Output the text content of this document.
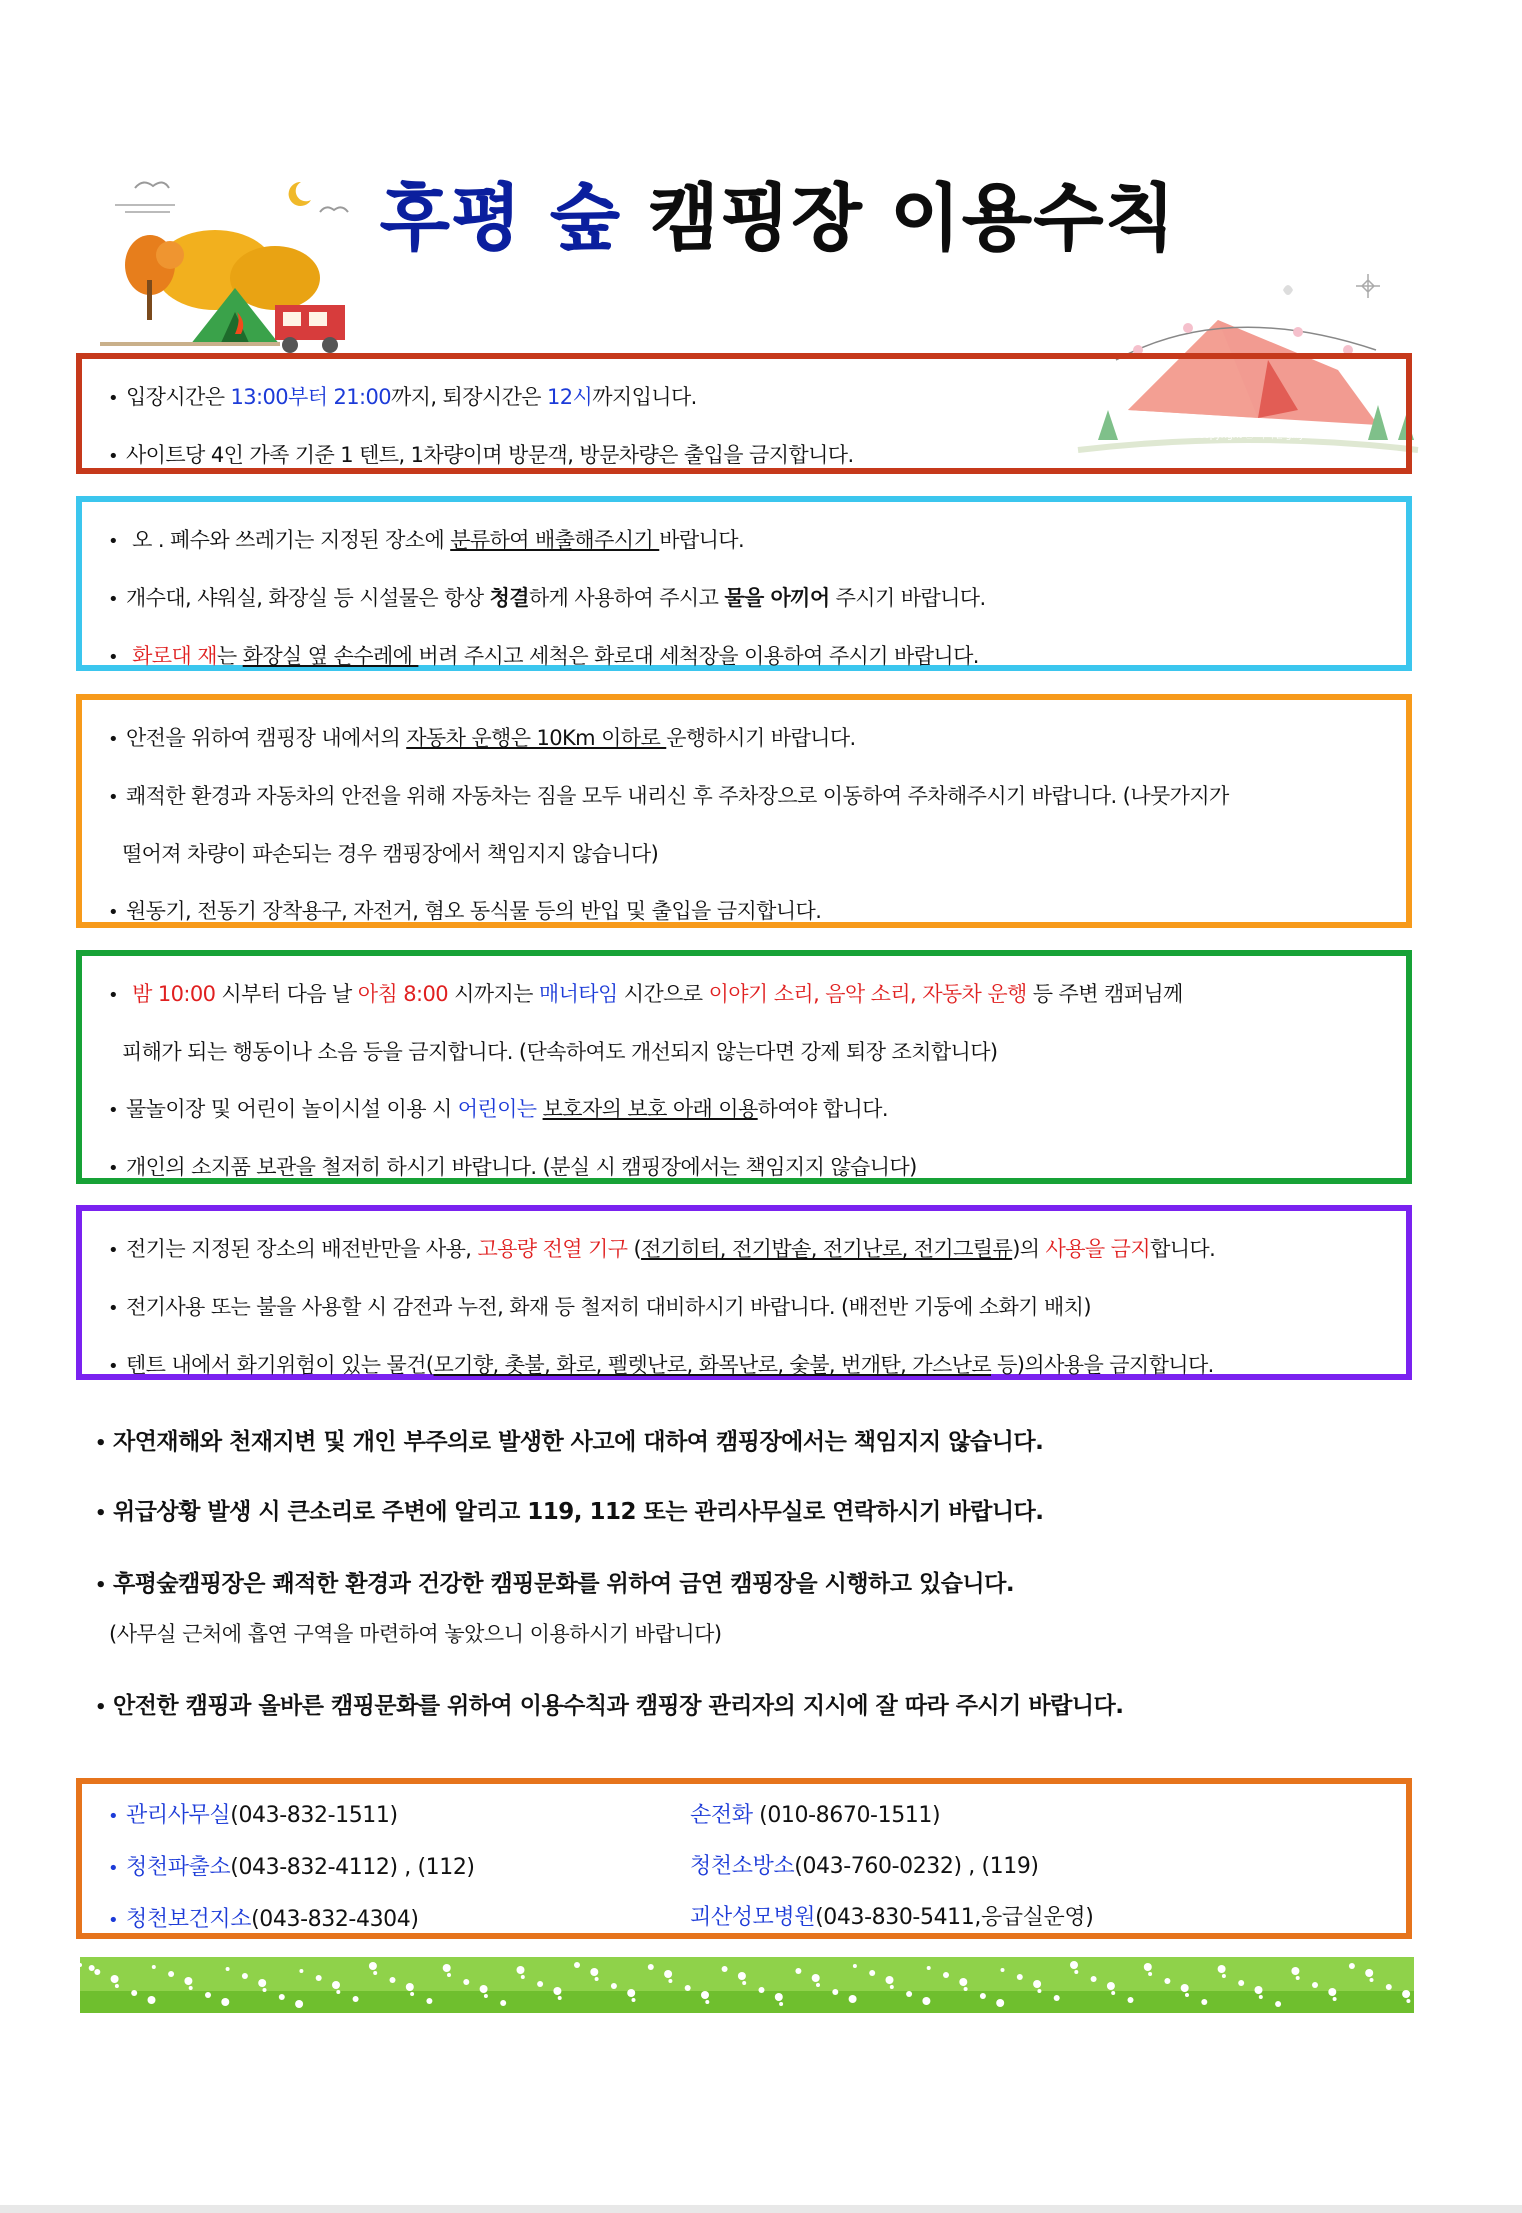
후평 숲 캠핑장 이용수칙
Copyright ⓒ 디지털 gillyun

• 입장시간은 13:00부터 21:00까지, 퇴장시간은 12시까지입니다.

• 사이트당 4인 가족 기준 1 텐트, 1차량이며 방문객, 방문차량은 출입을 금지합니다.

• 오 . 폐수와 쓰레기는 지정된 장소에 분류하여 배출해주시기 바랍니다.

• 개수대, 샤워실, 화장실 등 시설물은 항상 청결하게 사용하여 주시고 물을 아끼어 주시기 바랍니다.

• 화로대 재는 화장실 옆 손수레에 버려 주시고 세척은 화로대 세척장을 이용하여 주시기 바랍니다.

• 안전을 위하여 캠핑장 내에서의 자동차 운행은 10Km 이하로 운행하시기 바랍니다.

• 쾌적한 환경과 자동차의 안전을 위해 자동차는 짐을 모두 내리신 후 주차장으로 이동하여 주차해주시기 바랍니다. (나뭇가지가

떨어져 차량이 파손되는 경우 캠핑장에서 책임지지 않습니다)

• 원동기, 전동기 장착용구, 자전거, 혐오 동식물 등의 반입 및 출입을 금지합니다.

• 밤 10:00 시부터 다음 날 아침 8:00 시까지는 매너타임 시간으로 이야기 소리, 음악 소리, 자동차 운행 등 주변 캠퍼님께

피해가 되는 행동이나 소음 등을 금지합니다. (단속하여도 개선되지 않는다면 강제 퇴장 조치합니다)

• 물놀이장 및 어린이 놀이시설 이용 시 어린이는 보호자의 보호 아래 이용하여야 합니다.

• 개인의 소지품 보관을 철저히 하시기 바랍니다. (분실 시 캠핑장에서는 책임지지 않습니다)

• 전기는 지정된 장소의 배전반만을 사용, 고용량 전열 기구 (전기히터, 전기밥솥, 전기난로, 전기그릴류)의 사용을 금지합니다.

• 전기사용 또는 불을 사용할 시 감전과 누전, 화재 등 철저히 대비하시기 바랍니다. (배전반 기둥에 소화기 배치)

• 텐트 내에서 화기위험이 있는 물건(모기향, 촛불, 화로, 펠렛난로, 화목난로, 숯불, 번개탄, 가스난로 등)의사용을 금지합니다.

• 자연재해와 천재지변 및 개인 부주의로 발생한 사고에 대하여 캠핑장에서는 책임지지 않습니다.

• 위급상황 발생 시 큰소리로 주변에 알리고 119, 112 또는 관리사무실로 연락하시기 바랍니다.

• 후평숲캠핑장은 쾌적한 환경과 건강한 캠핑문화를 위하여 금연 캠핑장을 시행하고 있습니다.

(사무실 근처에 흡연 구역을 마련하여 놓았으니 이용하시기 바랍니다)

• 안전한 캠핑과 올바른 캠핑문화를 위하여 이용수칙과 캠핑장 관리자의 지시에 잘 따라 주시기 바랍니다.

• 관리사무실(043-832-1511)
• 청천파출소(043-832-4112) , (112)
• 청천보건지소(043-832-4304)
손전화 (010-8670-1511)
청천소방소(043-760-0232) , (119)
괴산성모병원(043-830-5411,응급실운영)
